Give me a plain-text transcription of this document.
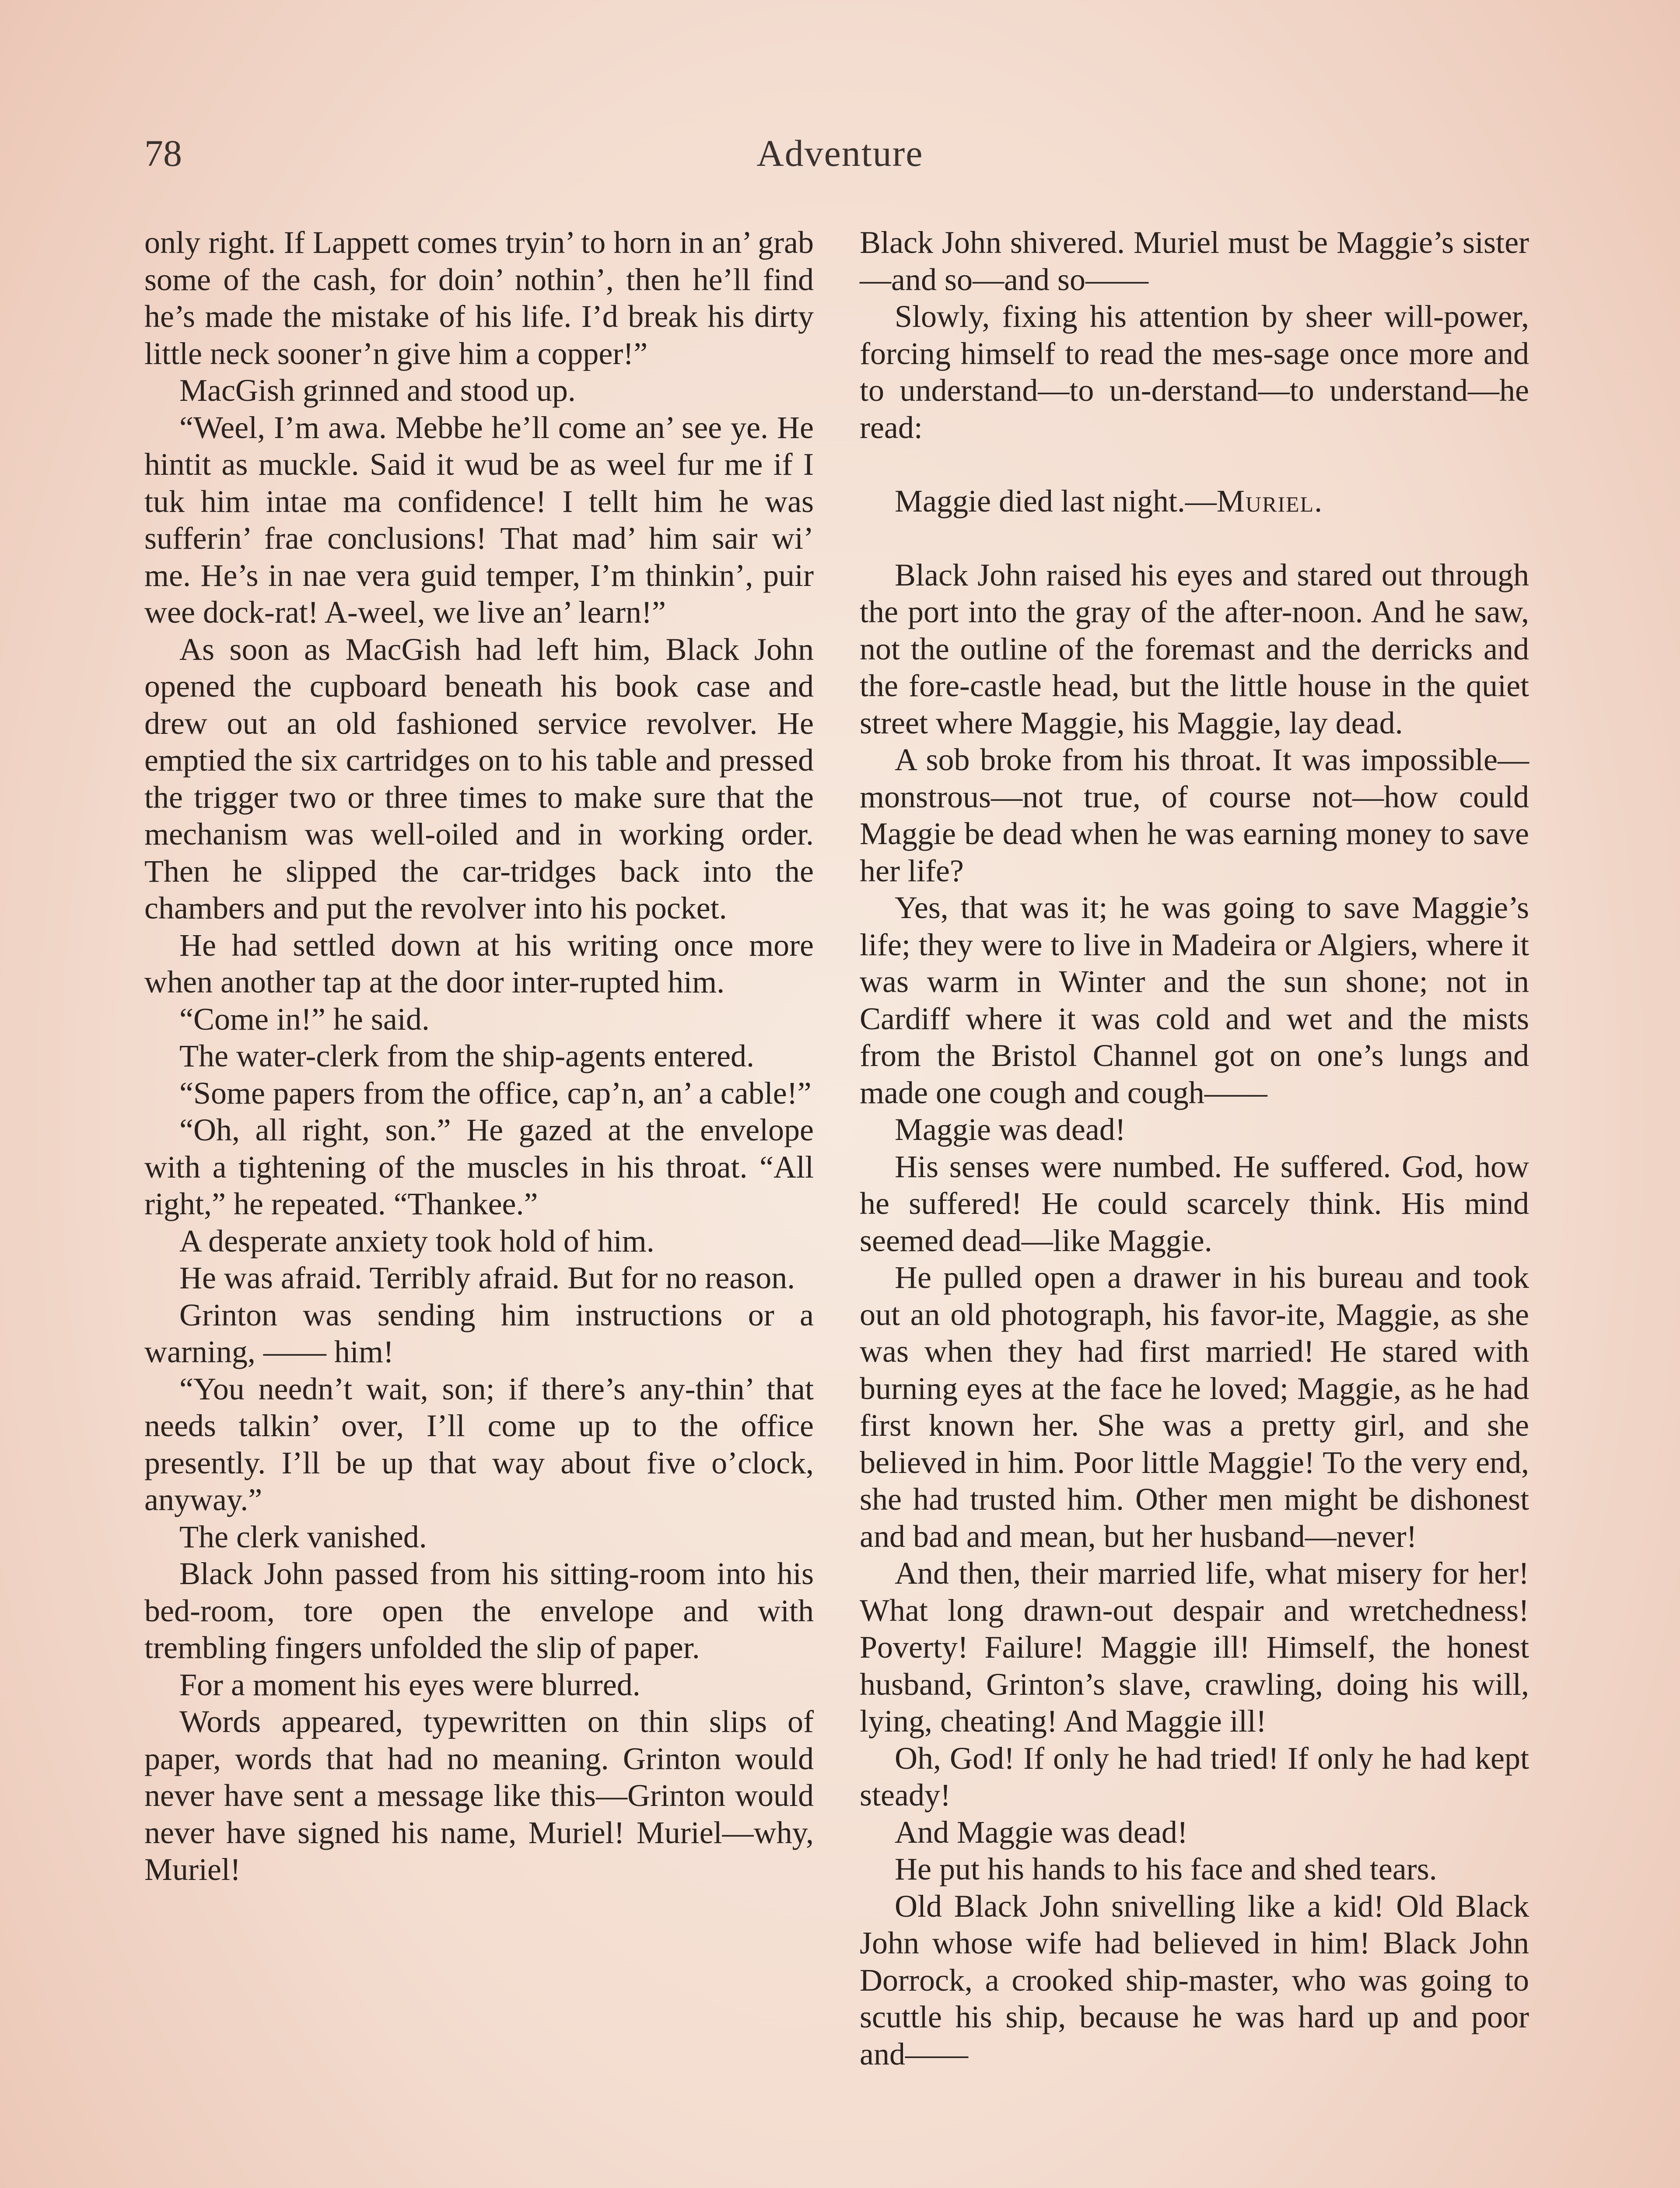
78	Adventure

only right. If Lappett comes tryin’ to horn in an’ grab some of the cash, for doin’ nothin’, then he’ll find he’s made the mistake of his life. I’d break his dirty little neck sooner’n give him a copper!”

MacGish grinned and stood up.

“Weel, I’m awa. Mebbe he’ll come an’ see ye. He hintit as muckle. Said it wud be as weel fur me if I tuk him intae ma confidence! I tellt him he was sufferin’ frae conclusions! That mad’ him sair wi’ me. He’s in nae vera guid temper, I’m thinkin’, puir wee dock-rat! A-weel, we live an’ learn!”

As soon as MacGish had left him, Black John opened the cupboard beneath his book case and drew out an old fashioned service revolver. He emptied the six cartridges on to his table and pressed the trigger two or three times to make sure that the mechanism was well-oiled and in working order. Then he slipped the car-tridges back into the chambers and put the revolver into his pocket.

He had settled down at his writing once more when another tap at the door inter-rupted him.

“Come in!” he said.

The water-clerk from the ship-agents entered.

“Some papers from the office, cap’n, an’ a cable!”

“Oh, all right, son.” He gazed at the envelope with a tightening of the muscles in his throat. “All right,” he repeated. “Thankee.”

A desperate anxiety took hold of him.

He was afraid. Terribly afraid. But for no reason.

Grinton was sending him instructions or a warning, —— him!

“You needn’t wait, son; if there’s any-thin’ that needs talkin’ over, I’ll come up to the office presently. I’ll be up that way about five o’clock, anyway.”

The clerk vanished.

Black John passed from his sitting-room into his bed-room, tore open the envelope and with trembling fingers unfolded the slip of paper.

For a moment his eyes were blurred.

Words appeared, typewritten on thin slips of paper, words that had no meaning. Grinton would never have sent a message like this—Grinton would never have signed his name, Muriel! Muriel—why, Muriel!

Black John shivered. Muriel must be Maggie’s sister—and so—and so——

Slowly, fixing his attention by sheer will-power, forcing himself to read the mes-sage once more and to understand—to un-derstand—to understand—he read:

Maggie died last night.—Muriel.

Black John raised his eyes and stared out through the port into the gray of the after-noon. And he saw, not the outline of the foremast and the derricks and the fore-castle head, but the little house in the quiet street where Maggie, his Maggie, lay dead.

A sob broke from his throat. It was impossible—monstrous—not true, of course not—how could Maggie be dead when he was earning money to save her life?

Yes, that was it; he was going to save Maggie’s life; they were to live in Madeira or Algiers, where it was warm in Winter and the sun shone; not in Cardiff where it was cold and wet and the mists from the Bristol Channel got on one’s lungs and made one cough and cough——

Maggie was dead!

His senses were numbed. He suffered. God, how he suffered! He could scarcely think. His mind seemed dead—like Maggie.

He pulled open a drawer in his bureau and took out an old photograph, his favor-ite, Maggie, as she was when they had first married! He stared with burning eyes at the face he loved; Maggie, as he had first known her. She was a pretty girl, and she believed in him. Poor little Maggie! To the very end, she had trusted him. Other men might be dishonest and bad and mean, but her husband—never!

And then, their married life, what misery for her! What long drawn-out despair and wretchedness! Poverty! Failure! Maggie ill! Himself, the honest husband, Grinton’s slave, crawling, doing his will, lying, cheating! And Maggie ill!

Oh, God! If only he had tried! If only he had kept steady!

And Maggie was dead!

He put his hands to his face and shed tears.

Old Black John snivelling like a kid! Old Black John whose wife had believed in him! Black John Dorrock, a crooked ship-master, who was going to scuttle his ship, because he was hard up and poor and——
